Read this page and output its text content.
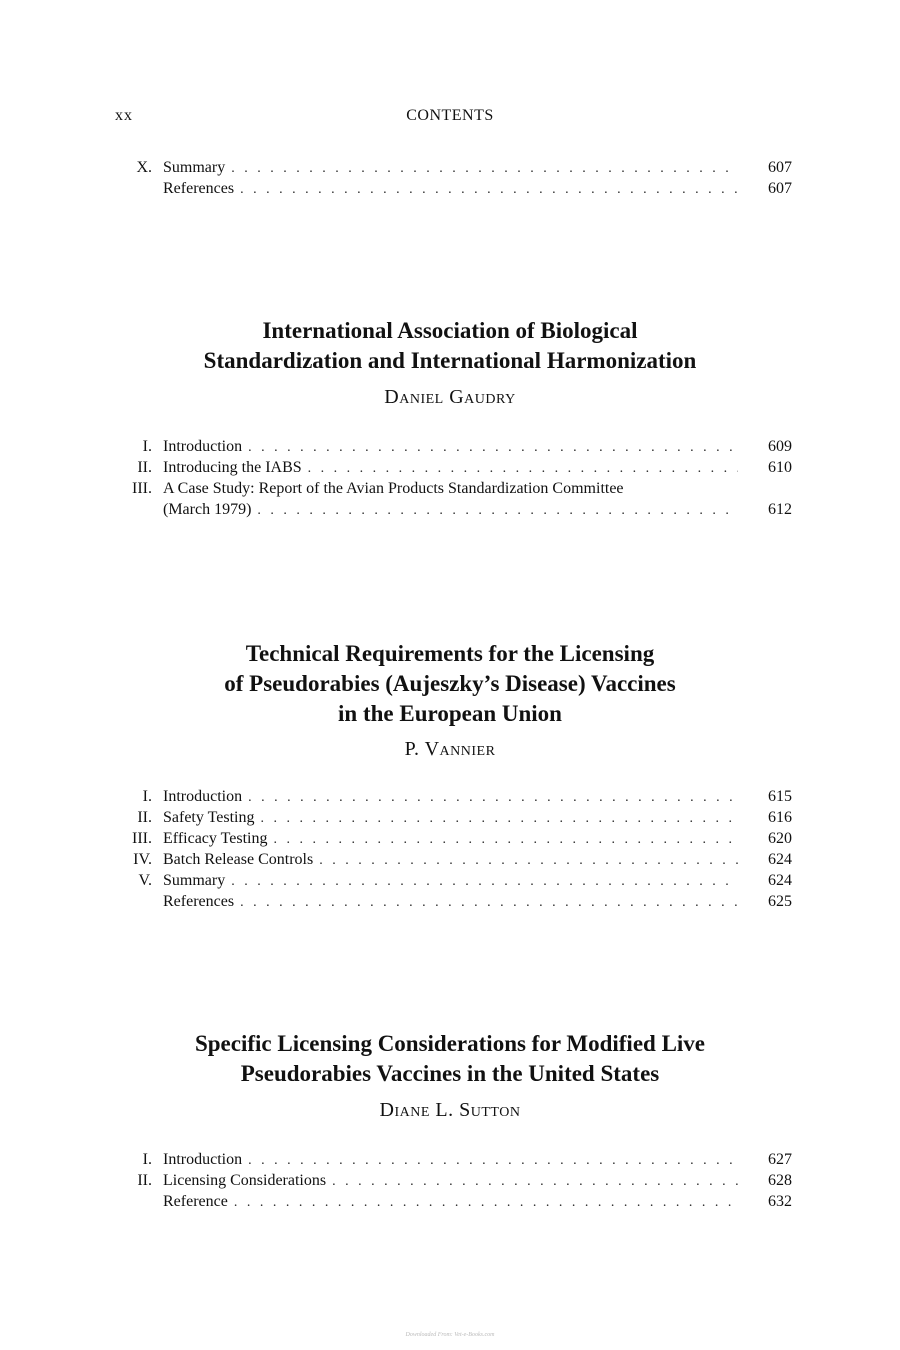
xx	CONTENTS
X. Summary . . .	607
References . . .	607
International Association of Biological
Standardization and International Harmonization
Daniel Gaudry
I. Introduction . . .	609
II. Introducing the IABS . . .	610
III. A Case Study: Report of the Avian Products Standardization Committee
(March 1979) . . .	612
Technical Requirements for the Licensing
of Pseudorabies (Aujeszky’s Disease) Vaccines
in the European Union
P. Vannier
I. Introduction . . .	615
II. Safety Testing . . .	616
III. Efficacy Testing . . .	620
IV. Batch Release Controls . . .	624
V. Summary . . .	624
References . . .	625
Specific Licensing Considerations for Modified Live
Pseudorabies Vaccines in the United States
Diane L. Sutton
I. Introduction . . .	627
II. Licensing Considerations . . .	628
Reference . . .	632
Downloaded From: Vet-e-Books.com
